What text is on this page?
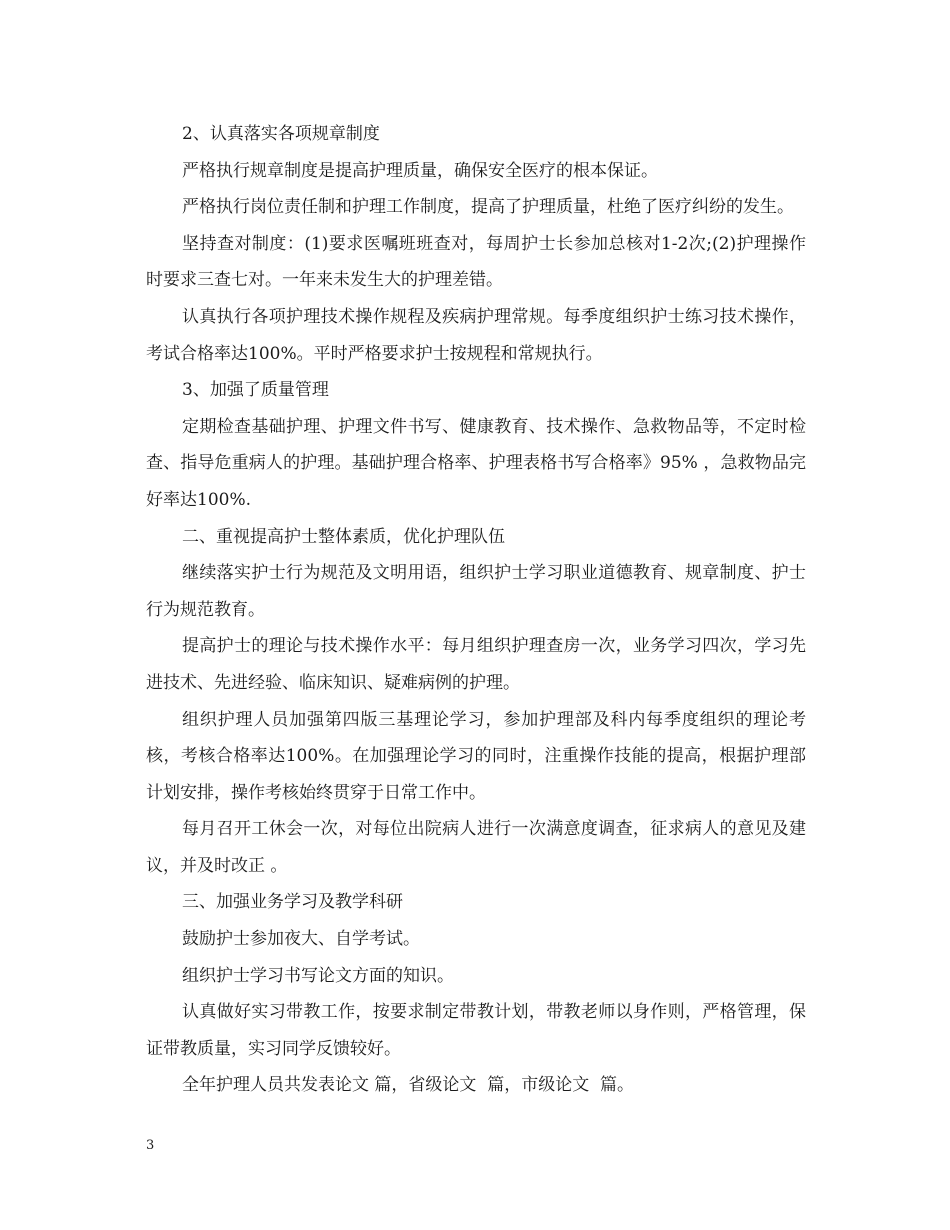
2、认真落实各项规章制度

严格执行规章制度是提高护理质量，确保安全医疗的根本保证。

严格执行岗位责任制和护理工作制度，提高了护理质量，杜绝了医疗纠纷的发生。

坚持查对制度：(1)要求医嘱班班查对，每周护士长参加总核对1-2次;(2)护理操作时要求三查七对。一年来未发生大的护理差错。

认真执行各项护理技术操作规程及疾病护理常规。每季度组织护士练习技术操作，考试合格率达100%。平时严格要求护士按规程和常规执行。

3、加强了质量管理

定期检查基础护理、护理文件书写、健康教育、技术操作、急救物品等，不定时检查、指导危重病人的护理。基础护理合格率、护理表格书写合格率》95% ，急救物品完好率达100%.

二、重视提高护士整体素质，优化护理队伍

继续落实护士行为规范及文明用语，组织护士学习职业道德教育、规章制度、护士行为规范教育。

提高护士的理论与技术操作水平：每月组织护理查房一次，业务学习四次，学习先进技术、先进经验、临床知识、疑难病例的护理。

组织护理人员加强第四版三基理论学习，参加护理部及科内每季度组织的理论考核，考核合格率达100%。在加强理论学习的同时，注重操作技能的提高，根据护理部计划安排，操作考核始终贯穿于日常工作中。

每月召开工休会一次，对每位出院病人进行一次满意度调查，征求病人的意见及建议，并及时改正 。

三、加强业务学习及教学科研

鼓励护士参加夜大、自学考试。

组织护士学习书写论文方面的知识。

认真做好实习带教工作，按要求制定带教计划，带教老师以身作则，严格管理，保证带教质量，实习同学反馈较好。

全年护理人员共发表论文 篇，省级论文  篇，市级论文  篇。

3
